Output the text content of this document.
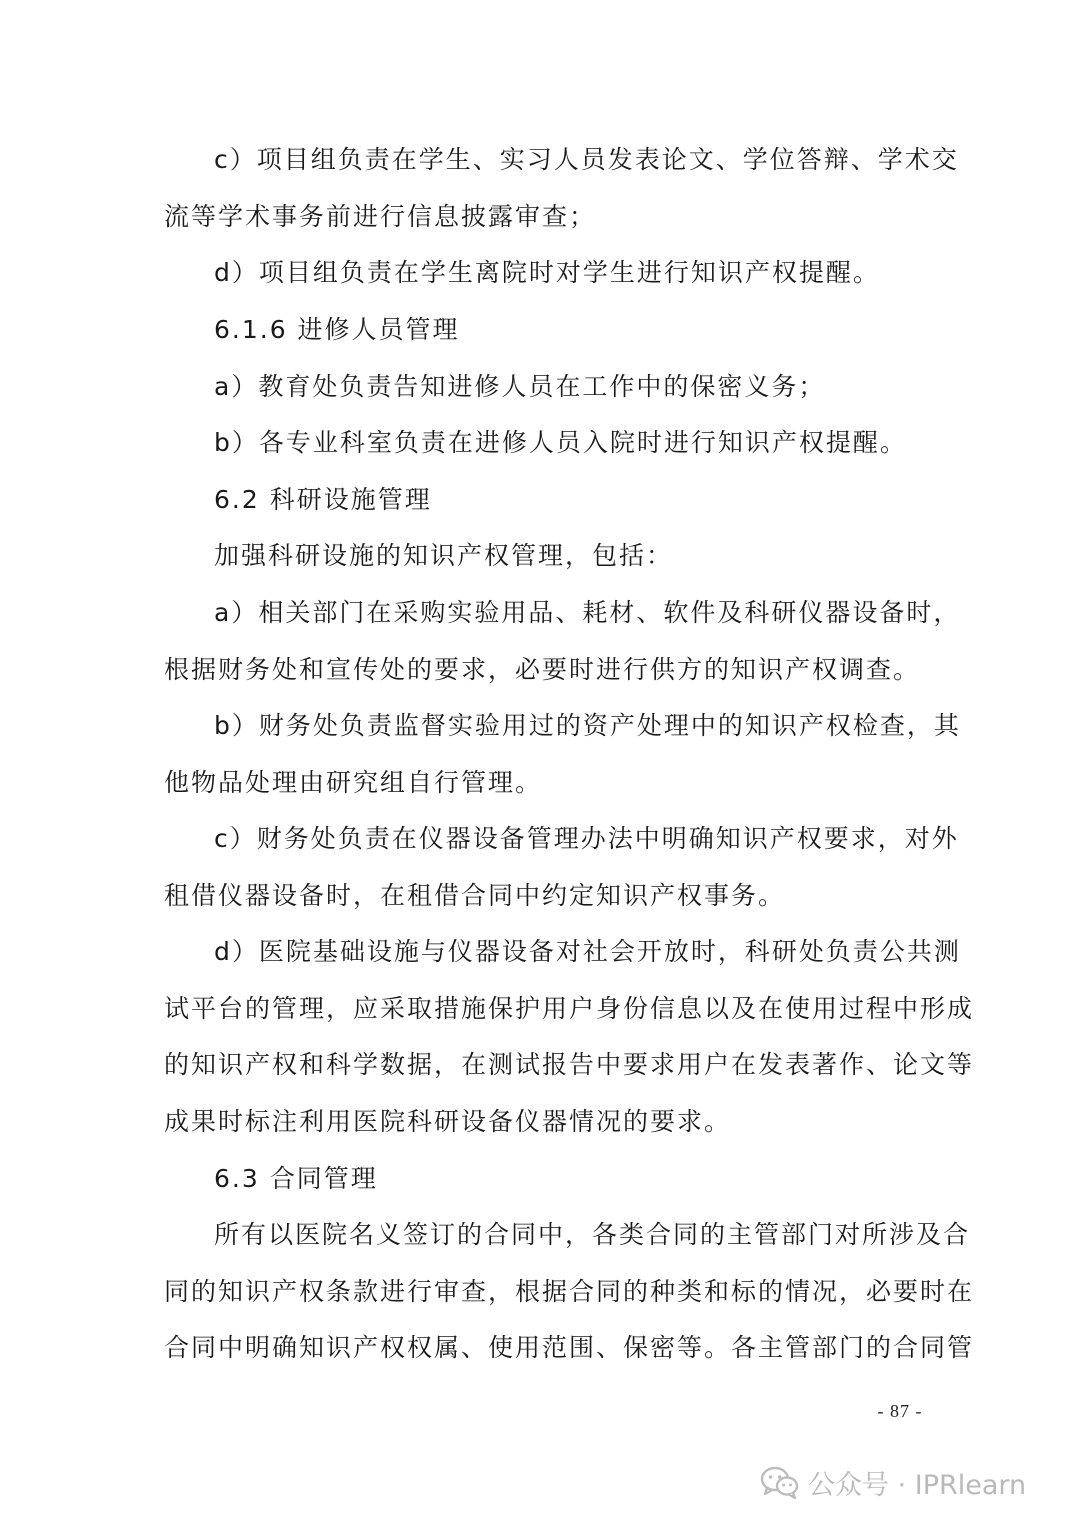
c）项目组负责在学生、实习人员发表论文、学位答辩、学术交
流等学术事务前进行信息披露审查；
d）项目组负责在学生离院时对学生进行知识产权提醒。
6.1.6 进修人员管理
a）教育处负责告知进修人员在工作中的保密义务；
b）各专业科室负责在进修人员入院时进行知识产权提醒。
6.2 科研设施管理
加强科研设施的知识产权管理，包括：
a）相关部门在采购实验用品、耗材、软件及科研仪器设备时，
根据财务处和宣传处的要求，必要时进行供方的知识产权调查。
b）财务处负责监督实验用过的资产处理中的知识产权检查，其
他物品处理由研究组自行管理。
c）财务处负责在仪器设备管理办法中明确知识产权要求，对外
租借仪器设备时，在租借合同中约定知识产权事务。
d）医院基础设施与仪器设备对社会开放时，科研处负责公共测
试平台的管理，应采取措施保护用户身份信息以及在使用过程中形成
的知识产权和科学数据，在测试报告中要求用户在发表著作、论文等
成果时标注利用医院科研设备仪器情况的要求。
6.3 合同管理
所有以医院名义签订的合同中，各类合同的主管部门对所涉及合
同的知识产权条款进行审查，根据合同的种类和标的情况，必要时在
合同中明确知识产权权属、使用范围、保密等。各主管部门的合同管
- 87 -
公众号 · IPRlearn
